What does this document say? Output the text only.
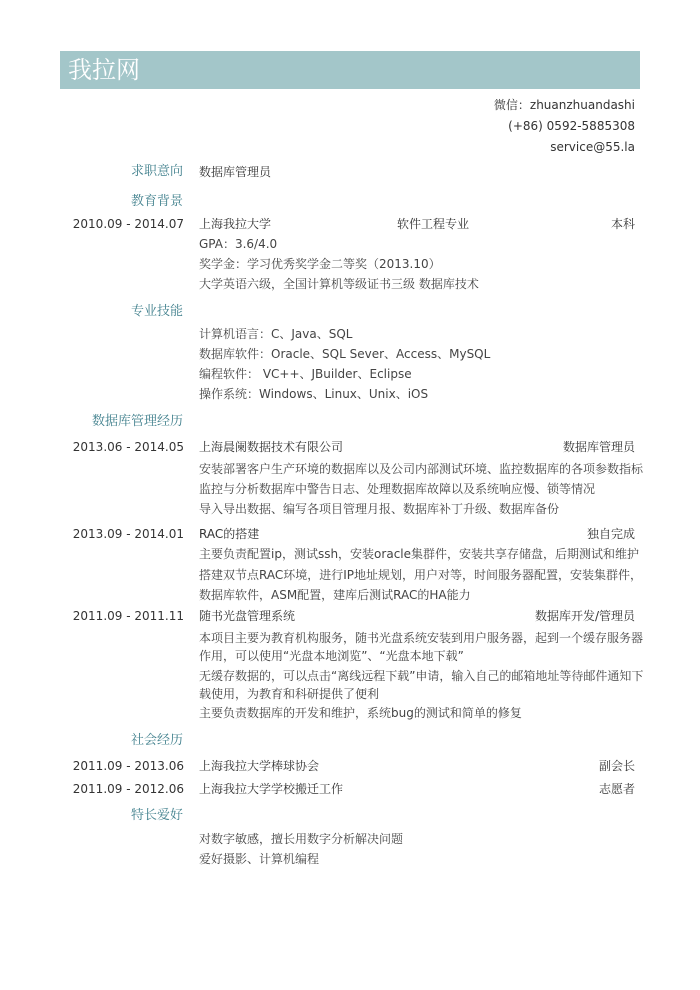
我拉网
微信：zhuanzhuandashi
(+86) 0592-5885308
service@55.la
求职意向 数据库管理员
教育背景
2010.09 - 2014.07 上海我拉大学	软件工程专业	本科
GPA：3.6/4.0
奖学金：学习优秀奖学金二等奖（2013.10）
大学英语六级，全国计算机等级证书三级 数据库技术
专业技能
计算机语言：C、Java、SQL
数据库软件：Oracle、SQL Sever、Access、MySQL
编程软件： VC++、JBuilder、Eclipse
操作系统：Windows、Linux、Unix、iOS
数据库管理经历
2013.06 - 2014.05 上海晨阑数据技术有限公司	数据库管理员
安装部署客户生产环境的数据库以及公司内部测试环境、监控数据库的各项参数指标
监控与分析数据库中警告日志、处理数据库故障以及系统响应慢、锁等情况
导入导出数据、编写各项目管理月报、数据库补丁升级、数据库备份
2013.09 - 2014.01 RAC的搭建	独自完成
主要负责配置ip，测试ssh，安装oracle集群件，安装共享存储盘，后期测试和维护
搭建双节点RAC环境，进行IP地址规划，用户对等，时间服务器配置，安装集群件，
数据库软件，ASM配置，建库后测试RAC的HA能力
2011.09 - 2011.11 随书光盘管理系统	数据库开发/管理员
本项目主要为教育机构服务，随书光盘系统安装到用户服务器，起到一个缓存服务器
作用，可以使用“光盘本地浏览”、“光盘本地下载”
无缓存数据的，可以点击“离线远程下载”申请，输入自己的邮箱地址等待邮件通知下
载使用，为教育和科研提供了便利
主要负责数据库的开发和维护，系统bug的测试和简单的修复
社会经历
2011.09 - 2013.06 上海我拉大学棒球协会	副会长
2011.09 - 2012.06 上海我拉大学学校搬迁工作	志愿者
特长爱好
对数字敏感，擅长用数字分析解决问题
爱好摄影、计算机编程
